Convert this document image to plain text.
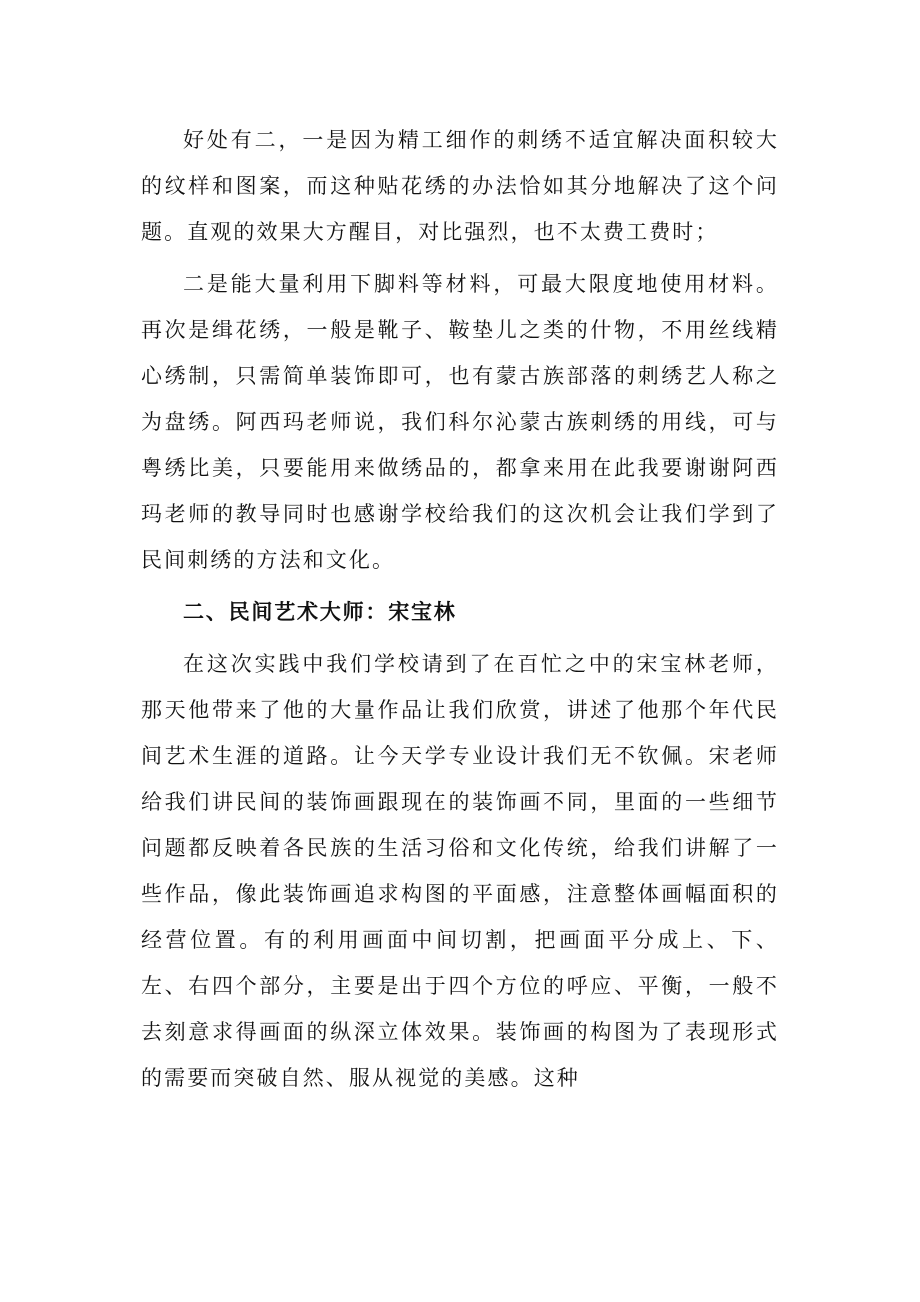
好处有二，一是因为精工细作的刺绣不适宜解决面积较大的纹样和图案，而这种贴花绣的办法恰如其分地解决了这个问题。直观的效果大方醒目，对比强烈，也不太费工费时；

二是能大量利用下脚料等材料，可最大限度地使用材料。再次是缉花绣，一般是靴子、鞍垫儿之类的什物，不用丝线精心绣制，只需简单装饰即可，也有蒙古族部落的刺绣艺人称之为盘绣。阿西玛老师说，我们科尔沁蒙古族刺绣的用线，可与粤绣比美，只要能用来做绣品的，都拿来用在此我要谢谢阿西玛老师的教导同时也感谢学校给我们的这次机会让我们学到了民间刺绣的方法和文化。

二、民间艺术大师：宋宝林

在这次实践中我们学校请到了在百忙之中的宋宝林老师，那天他带来了他的大量作品让我们欣赏，讲述了他那个年代民间艺术生涯的道路。让今天学专业设计我们无不钦佩。宋老师给我们讲民间的装饰画跟现在的装饰画不同，里面的一些细节问题都反映着各民族的生活习俗和文化传统，给我们讲解了一些作品，像此装饰画追求构图的平面感，注意整体画幅面积的经营位置。有的利用画面中间切割，把画面平分成上、下、左、右四个部分，主要是出于四个方位的呼应、平衡，一般不去刻意求得画面的纵深立体效果。装饰画的构图为了表现形式的需要而突破自然、服从视觉的美感。这种
